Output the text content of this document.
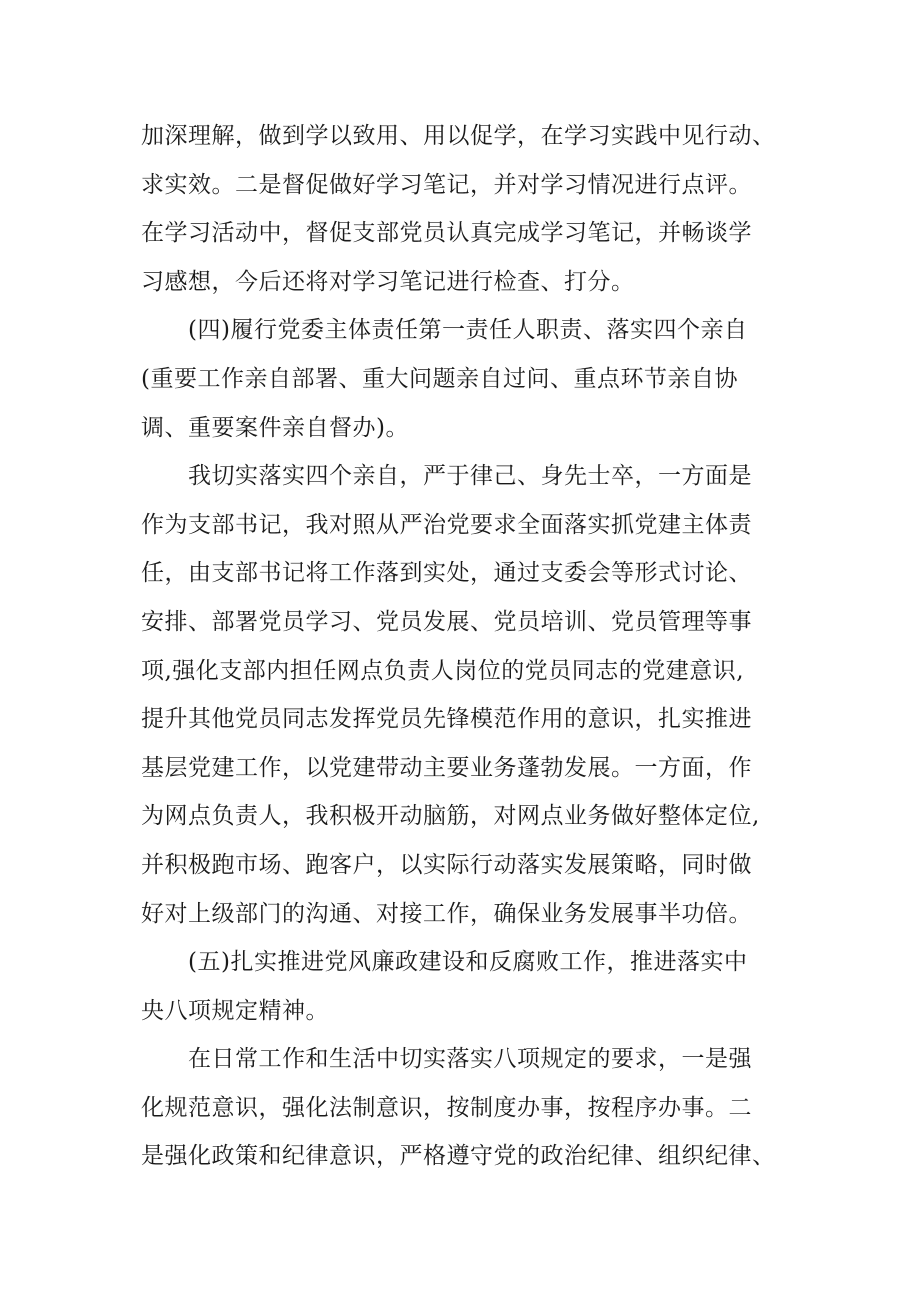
加深理解，做到学以致用、用以促学，在学习实践中见行动、
求实效。二是督促做好学习笔记，并对学习情况进行点评。
在学习活动中，督促支部党员认真完成学习笔记，并畅谈学
习感想，今后还将对学习笔记进行检查、打分。
(四)履行党委主体责任第一责任人职责、落实四个亲自
(重要工作亲自部署、重大问题亲自过问、重点环节亲自协
调、重要案件亲自督办)。
我切实落实四个亲自，严于律己、身先士卒，一方面是
作为支部书记，我对照从严治党要求全面落实抓党建主体责
任，由支部书记将工作落到实处，通过支委会等形式讨论、
安排、部署党员学习、党员发展、党员培训、党员管理等事
项,强化支部内担任网点负责人岗位的党员同志的党建意识,
提升其他党员同志发挥党员先锋模范作用的意识，扎实推进
基层党建工作，以党建带动主要业务蓬勃发展。一方面，作
为网点负责人，我积极开动脑筋，对网点业务做好整体定位,
并积极跑市场、跑客户，以实际行动落实发展策略，同时做
好对上级部门的沟通、对接工作，确保业务发展事半功倍。
(五)扎实推进党风廉政建设和反腐败工作，推进落实中
央八项规定精神。
在日常工作和生活中切实落实八项规定的要求，一是强
化规范意识，强化法制意识，按制度办事，按程序办事。二
是强化政策和纪律意识，严格遵守党的政治纪律、组织纪律、
